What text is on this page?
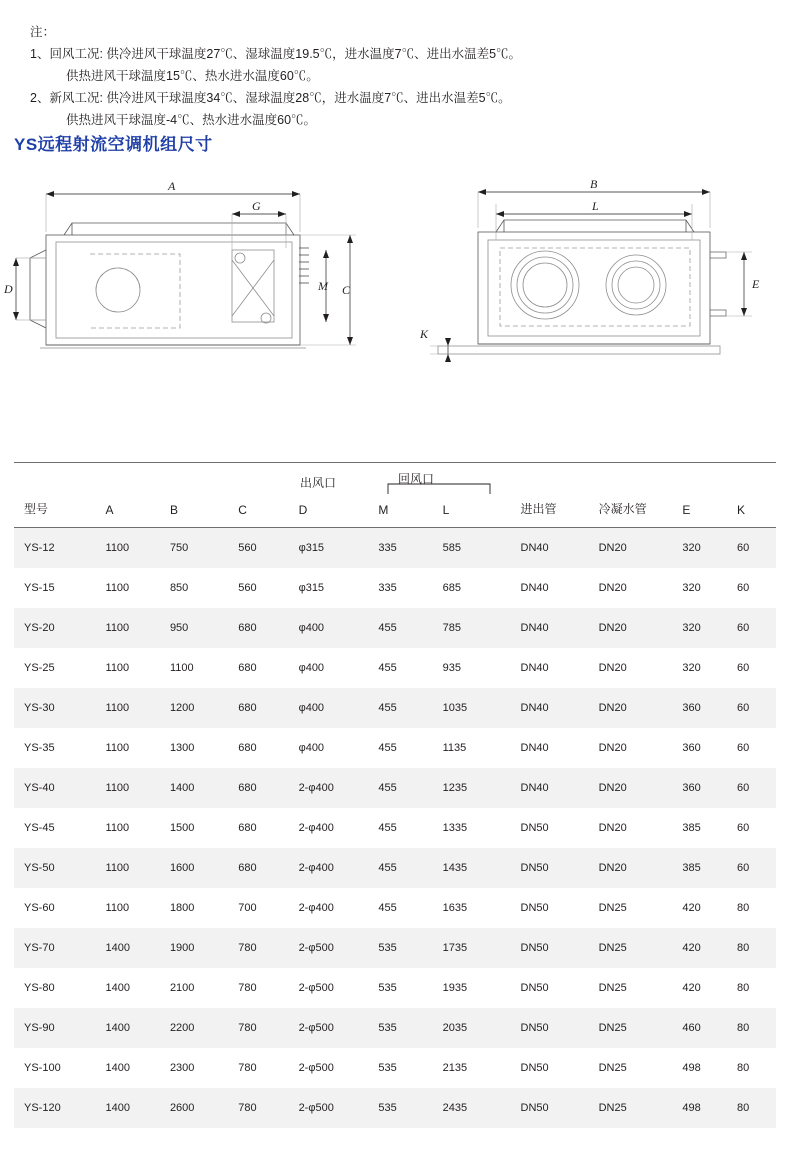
注：
1、回风工况: 供冷进风干球温度27℃、湿球温度19.5℃，进水温度7℃、进出水温差5℃。
供热进风干球温度15℃、热水进水温度60℃。
2、新风工况: 供冷进风干球温度34℃、湿球温度28℃，进水温度7℃、进出水温差5℃。
供热进风干球温度-4℃、热水进水温度60℃。
YS远程射流空调机组尺寸
A
G
D	M C
B
L
E
K
出风口	回风口
型号	A	B	C	D	M	L	进出管	冷凝水管	E	K
YS-12	1100	750	560	φ315	335	585	DN40	DN20	320	60
YS-15	1100	850	560	φ315	335	685	DN40	DN20	320	60
YS-20	1100	950	680	φ400	455	785	DN40	DN20	320	60
YS-25	1100	1100	680	φ400	455	935	DN40	DN20	320	60
YS-30	1100	1200	680	φ400	455	1035	DN40	DN20	360	60
YS-35	1100	1300	680	φ400	455	1135	DN40	DN20	360	60
YS-40	1100	1400	680	2-φ400	455	1235	DN40	DN20	360	60
YS-45	1100	1500	680	2-φ400	455	1335	DN50	DN20	385	60
YS-50	1100	1600	680	2-φ400	455	1435	DN50	DN20	385	60
YS-60	1100	1800	700	2-φ400	455	1635	DN50	DN25	420	80
YS-70	1400	1900	780	2-φ500	535	1735	DN50	DN25	420	80
YS-80	1400	2100	780	2-φ500	535	1935	DN50	DN25	420	80
YS-90	1400	2200	780	2-φ500	535	2035	DN50	DN25	460	80
YS-100	1400	2300	780	2-φ500	535	2135	DN50	DN25	498	80
YS-120	1400	2600	780	2-φ500	535	2435	DN50	DN25	498	80
